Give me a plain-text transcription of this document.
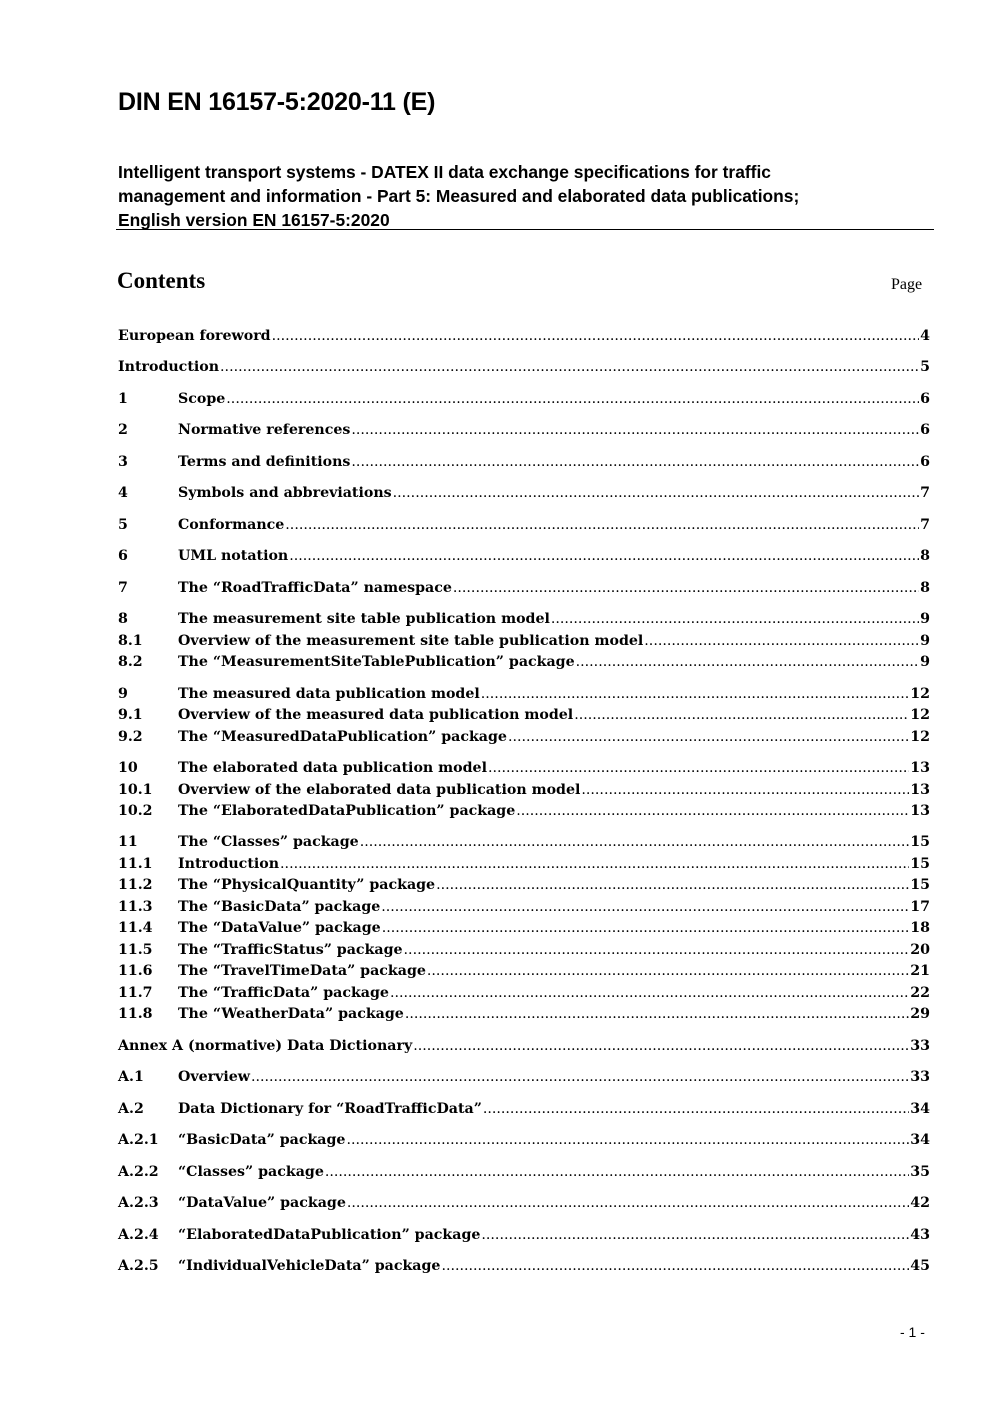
DIN EN 16157-5:2020-11 (E)
Intelligent transport systems - DATEX II data exchange specifications for traffic
management and information - Part 5: Measured and elaborated data publications;
English version EN 16157-5:2020
Contents	Page
European foreword .....	4
Introduction .....	5
1	Scope .....	6
2	Normative references .....	6
3	Terms and definitions .....	6
4	Symbols and abbreviations .....	7
5	Conformance .....	7
6	UML notation .....	8
7	The “RoadTrafficData” namespace .....	8
8	The measurement site table publication model .....	9
8.1	Overview of the measurement site table publication model .....	9
8.2	The “MeasurementSiteTablePublication” package .....	9
9	The measured data publication model .....	12
9.1	Overview of the measured data publication model .....	12
9.2	The “MeasuredDataPublication” package .....	12
10	The elaborated data publication model .....	13
10.1	Overview of the elaborated data publication model .....	13
10.2	The “ElaboratedDataPublication” package .....	13
11	The “Classes” package .....	15
11.1	Introduction .....	15
11.2	The “PhysicalQuantity” package .....	15
11.3	The “BasicData” package .....	17
11.4	The “DataValue” package .....	18
11.5	The “TrafficStatus” package .....	20
11.6	The “TravelTimeData” package .....	21
11.7	The “TrafficData” package .....	22
11.8	The “WeatherData” package .....	29
Annex A (normative) Data Dictionary .....	33
A.1	Overview .....	33
A.2	Data Dictionary for “RoadTrafficData” .....	34
A.2.1	“BasicData” package .....	34
A.2.2	“Classes” package .....	35
A.2.3	“DataValue” package .....	42
A.2.4	“ElaboratedDataPublication” package .....	43
A.2.5	“IndividualVehicleData” package .....	45
- 1 -
